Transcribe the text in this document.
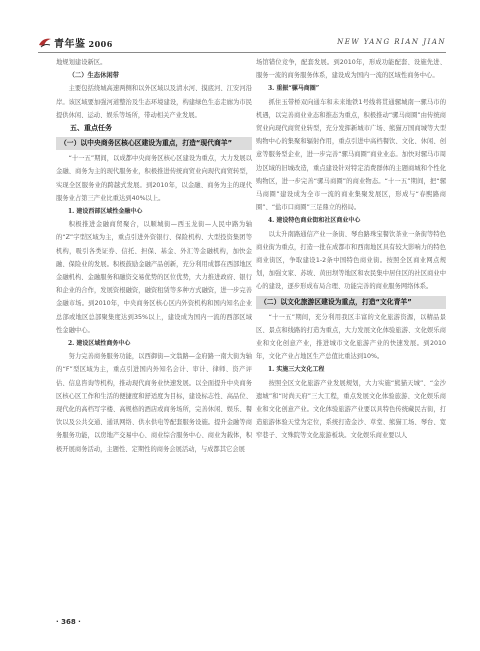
青年鉴 2006	NEW YANG RIAN JIAN

地规划建设新区。

（二）生态休闲带

主要包括绕城高速两侧和以外区域以及清水河、摸底河、江安河沿岸。该区域要加强河道整治及生态环境建设，构建绿色生态走廊为市民提供休闲、运动、娱乐等场所，带动相关产业发展。

五、重点任务

（一）以中央商务区核心区建设为重点，打造“现代商羊”

“十一五”期间，以成都中央商务区核心区建设为重点，大力发展以金融、商务为主的现代服务业，积极推进传统商贸业向现代商贸转型，实现全区服务业的跨越式发展。到2010年，以金融、商务为主的现代服务业占第三产业比重达到40%以上。

1. 建设西部区域性金融中心

积极推进金融商贸聚合，以顺城街—西玉龙街—人民中路为轴的“Z”字型区域为主，重点引进外资银行、保险机构、大型投资集团等机构，吸引各类证券、信托、担保、基金、外汇等金融机构，加快金融、保险业的发展。积极鼓励金融产品创新，充分利用成都在西部地区金融机构、金融服务和融资交易优势的区位优势，大力推进政府、银行和企业的合作，发展资根融资，融资租赁等多种方式融资，进一步完善金融市场。到2010年，中央商务区核心区内外资机构和国内知名企业总部或地区总部聚集度达到35%以上，建设成为国内一流的西部区域性金融中心。

2. 建设区域性商务中心

努力完善商务服务功能，以西御街—文翁路—金府路一南大街为轴的“F”型区域为主，重点引进国内外知名会计、审计、律师、资产评估、信息咨询等机构，推动现代商务业快速发展。以全面提升中央商务区核心区工作和生活的便捷度和舒适度为目标，建设标志性、高品位、现代化的高档写字楼、高规格的酒店或商务场所，完善休闲、娱乐、餐饮以及公共交通、通讯网络、供水供电等配套服务设施。提升金融等商务服务功能，以房地产交易中心、商业综合服务中心、商业为载体，积极开展商务活动，主题性、定期性的商务会展活动，与成都其它会展

场馆错位竞争，配套发展。到2010年，形成功能配套、设施先进、服务一流的商务服务体系，建设成为国内一流的区域性商务中心。

3. 重振“骡马商圈”

抓住玉带桥双向通车和未来地铁1号线将贯通骡城南一骡马市的机遇，以完善商业业态和推态为重点，积极推动“骡马商圈”由传统商贸业向现代商贸业转型，充分发挥新城市广场、熊猫万国商城等大型购物中心的集聚和辐射作用，重点引进中高档餐饮、文化、休闲、创意等服务型企业，进一步完善“骡马商圈”商业业态。加快对骡马市周边区域的旧城改造，重点建设针对特定消费群体的主题商城和个性化购物区，进一步完善“骡马商圈”的商业物态。“十一五”期间，把“骡马商圈”建设成为全市一流的商业集聚发展区，形成与“春熙路商圈”、“盐市口商圈”三足鼎立的格局。

4. 建设特色商业街和社区商业中心

以太升南路通信产业一条街、琴台路珠宝餐饮茶业一条街等特色商业街为重点，打造一批在成都市和西南地区具有较大影响力的特色商业街区，争取建设1-2条中国特色商业街。按照全区商业网点规划，加强文家、苏坡、黄田坝等地区和农民集中居住区的社区商业中心的建设，逐步形成布局合理、功能完善的商业服务网络体系。

（二）以文化旅游区建设为重点，打造“文化青羊”

“十一五”期间，充分利用我区丰富的文化旅游资源，以精品景区、景点和线路的打造为重点，大力发展文化体验旅游、文化娱乐商业和文化创意产业，推进城市文化旅游产业的快速发展。到2010年，文化产业占地区生产总值比重达到10%。

1. 实施三大文化工程

按照全区文化旅游产业发展规划，大力实施“熊猫天城”、“金沙遗城”和“时尚天府”三大工程，重点发展文化体验旅游、文化娱乐商业和文化创意产业。文化体验旅游产业要以具特色传统藏民古街，打造旅游体验天堂为定位，系统打造金沙、草堂、熊猫工场、琴台、宽窄巷子、文殊院等文化旅游板块。文化娱乐商业要以人

· 368 ·
